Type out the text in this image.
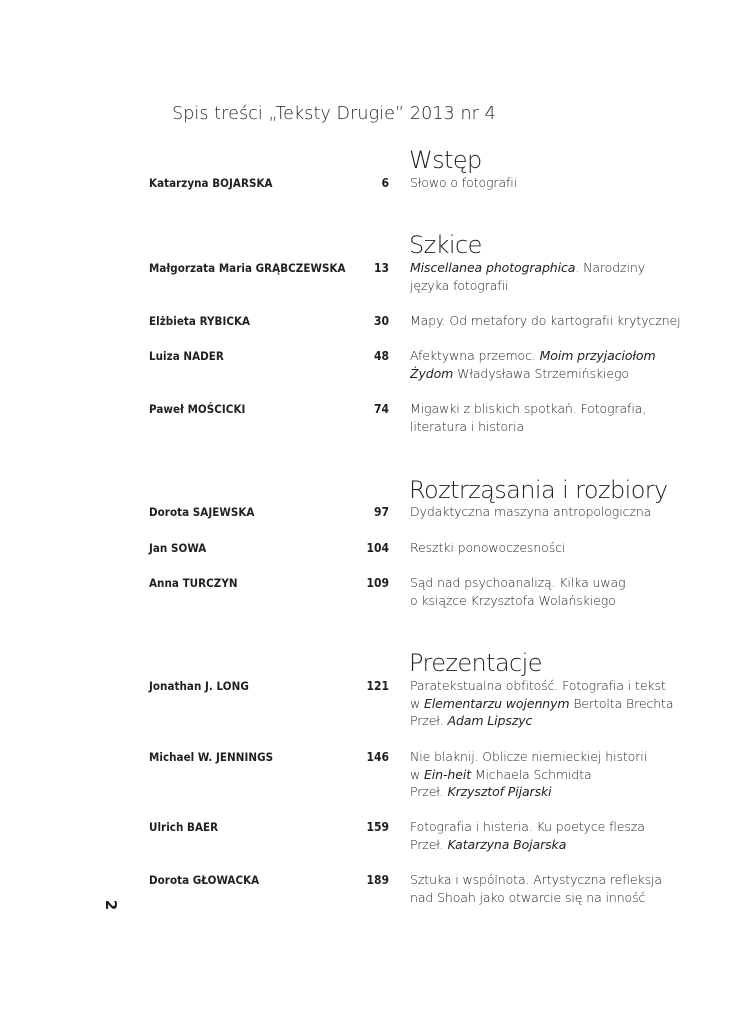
Spis treści „Teksty Drugie” 2013 nr 4
Wstęp
Szkice
Roztrząsania i rozbiory
Prezentacje
Katarzyna BOJARSKA	6 Słowo o fotografii
Małgorzata Maria GRĄBCZEWSKA 13 Miscellanea photographica. Narodziny
języka fotografii
Elżbieta RYBICKA	30 Mapy. Od metafory do kartografii krytycznej
Luiza NADER	48 Afektywna przemoc. Moim przyjaciołom
Żydom Władysława Strzemińskiego
Paweł MOŚCICKI	74 Migawki z bliskich spotkań. Fotografia,
literatura i historia
Dorota SAJEWSKA	97 Dydaktyczna maszyna antropologiczna
Jan SOWA	104 Resztki ponowoczesności
Anna TURCZYN	109 Sąd nad psychoanalizą. Kilka uwag
o książce Krzysztofa Wolańskiego
Jonathan J. LONG	121 Paratekstualna obfitość. Fotografia i tekst
w Elementarzu wojennym Bertolta Brechta
Przeł. Adam Lipszyc
Michael W. JENNINGS	146 Nie blaknij. Oblicze niemieckiej historii
w Ein-heit Michaela Schmidta
Przeł. Krzysztof Pijarski
Ulrich BAER	159 Fotografia i histeria. Ku poetyce flesza
Przeł. Katarzyna Bojarska
Dorota GŁOWACKA	189 Sztuka i wspólnota. Artystyczna refleksja
nad Shoah jako otwarcie się na inność
2
